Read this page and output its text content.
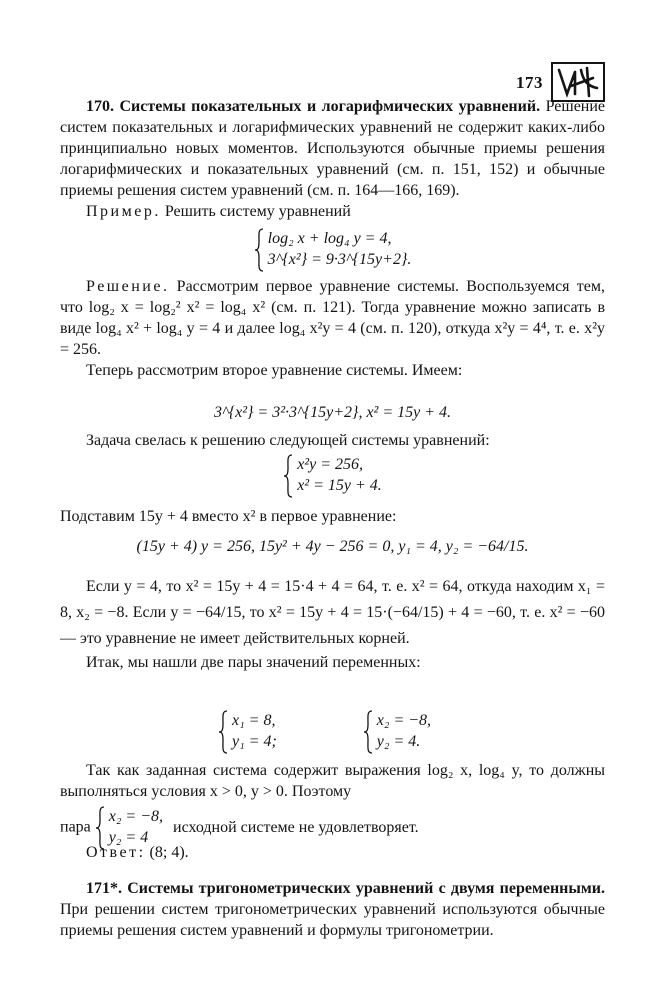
173

170. Системы показательных и логарифмических уравнений. Решение систем показательных и логарифмических уравнений не содержит каких-либо принципиально новых моментов. Используются обычные приемы решения логарифмических и показательных уравнений (см. п. 151, 152) и обычные приемы решения систем уравнений (см. п. 164—166, 169).

Пример. Решить систему уравнений

log₂ x + log₄ y = 4,
3^{x²} = 9·3^{15y+2}.

Решение. Рассмотрим первое уравнение системы. Воспользуемся тем, что log₂ x = log₂² x² = log₄ x² (см. п. 121). Тогда уравнение можно записать в виде log₄ x² + log₄ y = 4 и далее log₄ x²y = 4 (см. п. 120), откуда x²y = 4⁴, т. е. x²y = 256.

Теперь рассмотрим второе уравнение системы. Имеем:

3^{x²} = 3²·3^{15y+2}, x² = 15y + 4.

Задача свелась к решению следующей системы уравнений:

x²y = 256,
x² = 15y + 4.

Подставим 15y + 4 вместо x² в первое уравнение:

(15y + 4) y = 256, 15y² + 4y − 256 = 0, y₁ = 4, y₂ = −64/15.

Если y = 4, то x² = 15y + 4 = 15·4 + 4 = 64, т. е. x² = 64, откуда находим x₁ = 8, x₂ = −8. Если y = −64/15, то x² = 15y + 4 = 15·(−64/15) + 4 = −60, т. е. x² = −60 — это уравнение не имеет действительных корней.

Итак, мы нашли две пары значений переменных:

x₁ = 8,
y₁ = 4;

x₂ = −8,
y₂ = 4.

Так как заданная система содержит выражения log₂ x, log₄ y, то должны выполняться условия x > 0, y > 0. Поэтому

пара
x₂ = −8,
y₂ = 4
исходной системе не удовлетворяет.

Ответ: (8; 4).

171*. Системы тригонометрических уравнений с двумя переменными. При решении систем тригонометрических уравнений используются обычные приемы решения систем уравнений и формулы тригонометрии.
